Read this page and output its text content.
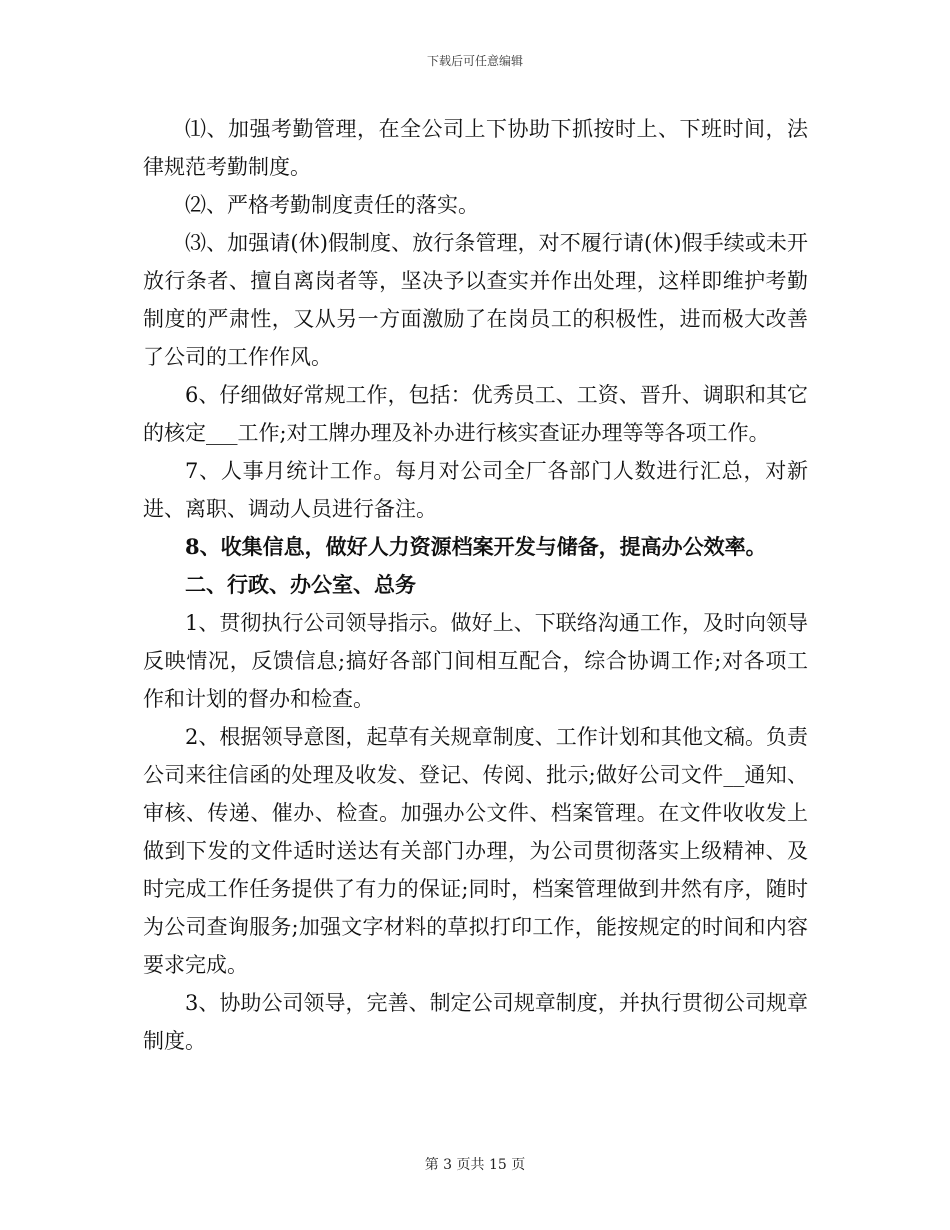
下载后可任意编辑

⑴、加强考勤管理，在全公司上下协助下抓按时上、下班时间，法律规范考勤制度。

⑵、严格考勤制度责任的落实。

⑶、加强请(休)假制度、放行条管理，对不履行请(休)假手续或未开放行条者、擅自离岗者等，坚决予以查实并作出处理，这样即维护考勤制度的严肃性，又从另一方面激励了在岗员工的积极性，进而极大改善了公司的工作作风。

6、仔细做好常规工作，包括：优秀员工、工资、晋升、调职和其它的核定___工作;对工牌办理及补办进行核实查证办理等等各项工作。

7、人事月统计工作。每月对公司全厂各部门人数进行汇总，对新进、离职、调动人员进行备注。

8、收集信息，做好人力资源档案开发与储备，提高办公效率。

二、行政、办公室、总务

1、贯彻执行公司领导指示。做好上、下联络沟通工作，及时向领导反映情况，反馈信息;搞好各部门间相互配合，综合协调工作;对各项工作和计划的督办和检查。

2、根据领导意图，起草有关规章制度、工作计划和其他文稿。负责公司来往信函的处理及收发、登记、传阅、批示;做好公司文件__通知、审核、传递、催办、检查。加强办公文件、档案管理。在文件收收发上做到下发的文件适时送达有关部门办理，为公司贯彻落实上级精神、及时完成工作任务提供了有力的保证;同时，档案管理做到井然有序，随时为公司查询服务;加强文字材料的草拟打印工作，能按规定的时间和内容要求完成。

3、协助公司领导，完善、制定公司规章制度，并执行贯彻公司规章制度。

第 3 页共 15 页
